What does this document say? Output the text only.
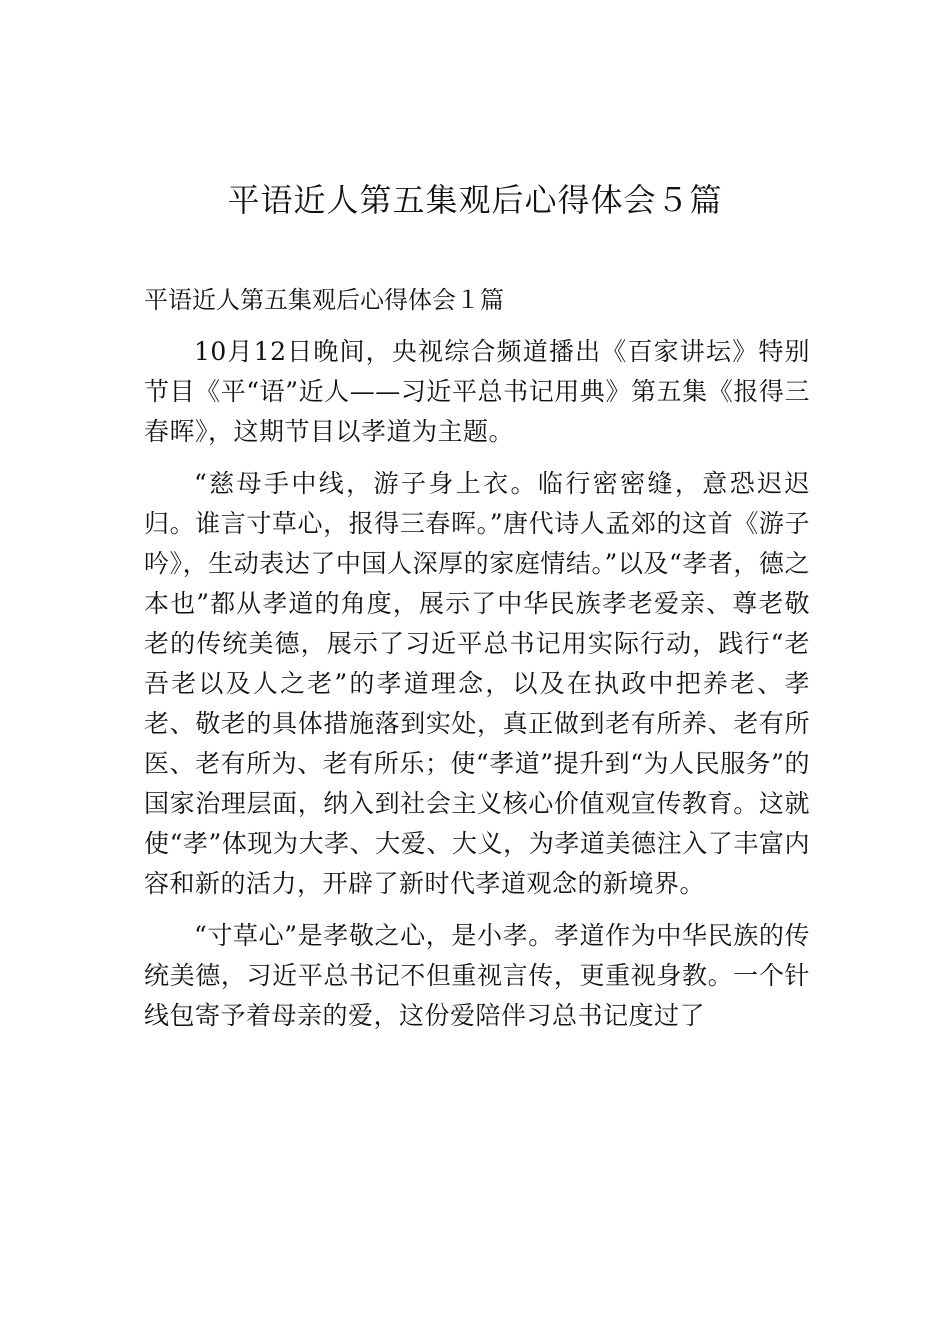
平语近人第五集观后心得体会５篇

平语近人第五集观后心得体会１篇

10月12日晚间，央视综合频道播出《百家讲坛》特别节目《平“语”近人——习近平总书记用典》第五集《报得三春晖》，这期节目以孝道为主题。

“慈母手中线，游子身上衣。临行密密缝，意恐迟迟归。谁言寸草心，报得三春晖。”唐代诗人孟郊的这首《游子吟》，生动表达了中国人深厚的家庭情结。”以及“孝者，德之本也”都从孝道的角度，展示了中华民族孝老爱亲、尊老敬老的传统美德，展示了习近平总书记用实际行动，践行“老吾老以及人之老”的孝道理念，以及在执政中把养老、孝老、敬老的具体措施落到实处，真正做到老有所养、老有所医、老有所为、老有所乐；使“孝道”提升到“为人民服务”的国家治理层面，纳入到社会主义核心价值观宣传教育。这就使“孝”体现为大孝、大爱、大义，为孝道美德注入了丰富内容和新的活力，开辟了新时代孝道观念的新境界。

“寸草心”是孝敬之心，是小孝。孝道作为中华民族的传统美德，习近平总书记不但重视言传，更重视身教。一个针线包寄予着母亲的爱，这份爱陪伴习总书记度过了
